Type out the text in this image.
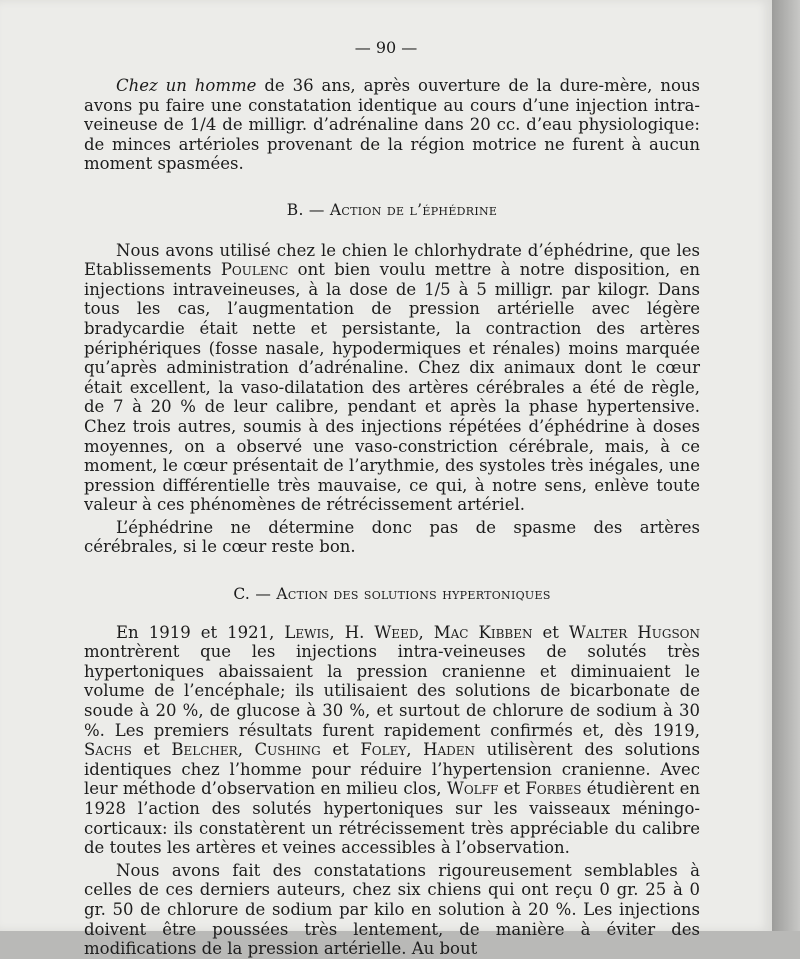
— 90 —

Chez un homme de 36 ans, après ouverture de la dure-mère, nous avons pu faire une constatation identique au cours d’une injection intra-veineuse de 1/4 de milligr. d’adrénaline dans 20 cc. d’eau physiologique: de minces artérioles provenant de la région motrice ne furent à aucun moment spasmées.

B. — Action de l’éphédrine

Nous avons utilisé chez le chien le chlorhydrate d’éphédrine, que les Etablissements Poulenc ont bien voulu mettre à notre disposition, en injections intraveineuses, à la dose de 1/5 à 5 milligr. par kilogr. Dans tous les cas, l’augmentation de pression artérielle avec légère bradycardie était nette et persistante, la contraction des artères périphériques (fosse nasale, hypodermiques et rénales) moins marquée qu’après administration d’adrénaline. Chez dix animaux dont le cœur était excellent, la vaso-dilatation des artères cérébrales a été de règle, de 7 à 20 % de leur calibre, pendant et après la phase hypertensive. Chez trois autres, soumis à des injections répétées d’éphédrine à doses moyennes, on a observé une vaso-constriction cérébrale, mais, à ce moment, le cœur présentait de l’arythmie, des systoles très inégales, une pression différentielle très mauvaise, ce qui, à notre sens, enlève toute valeur à ces phénomènes de rétrécissement artériel.

L’éphédrine ne détermine donc pas de spasme des artères cérébrales, si le cœur reste bon.

C. — Action des solutions hypertoniques

En 1919 et 1921, Lewis, H. Weed, Mac Kibben et Walter Hugson montrèrent que les injections intra-veineuses de solutés très hypertoniques abaissaient la pression cranienne et diminuaient le volume de l’encéphale; ils utilisaient des solutions de bicarbonate de soude à 20 %, de glucose à 30 %, et surtout de chlorure de sodium à 30 %. Les premiers résultats furent rapidement confirmés et, dès 1919, Sachs et Belcher, Cushing et Foley, Haden utilisèrent des solutions identiques chez l’homme pour réduire l’hypertension cranienne. Avec leur méthode d’observation en milieu clos, Wolff et Forbes étudièrent en 1928 l’action des solutés hypertoniques sur les vaisseaux méningo-corticaux: ils constatèrent un rétrécissement très appréciable du calibre de toutes les artères et veines accessibles à l’observation.

Nous avons fait des constatations rigoureusement semblables à celles de ces derniers auteurs, chez six chiens qui ont reçu 0 gr. 25 à 0 gr. 50 de chlorure de sodium par kilo en solution à 20 %. Les injections doivent être poussées très lentement, de manière à éviter des modifications de la pression artérielle. Au bout
